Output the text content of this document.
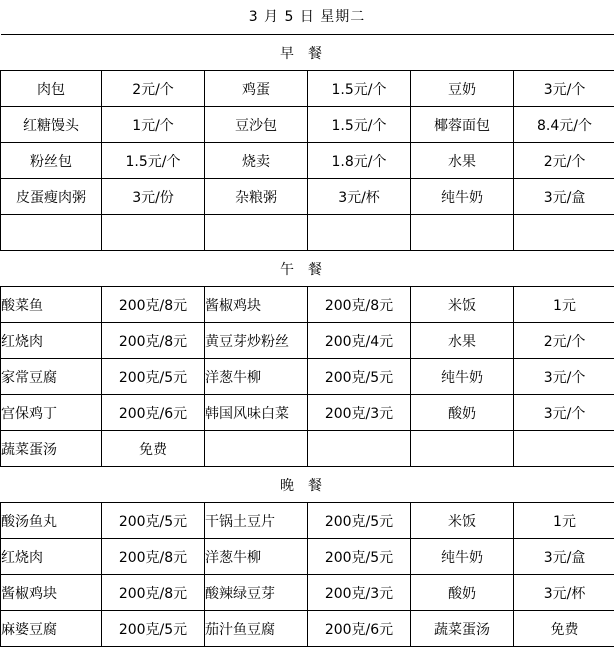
3 月 5 日 星期二
早餐					
肉包	2元/个	鸡蛋	1.5元/个	豆奶	3元/个
红糖馒头	1元/个	豆沙包	1.5元/个	椰蓉面包	8.4元/个
粉丝包	1.5元/个	烧卖	1.8元/个	水果	2元/个
皮蛋瘦肉粥	3元/份	杂粮粥	3元/杯	纯牛奶	3元/盒

午餐					
酸菜鱼	200克/8元	酱椒鸡块	200克/8元	米饭	1元
红烧肉	200克/8元	黄豆芽炒粉丝	200克/4元	水果	2元/个
家常豆腐	200克/5元	洋葱牛柳	200克/5元	纯牛奶	3元/个
宫保鸡丁	200克/6元	韩国风味白菜	200克/3元	酸奶	3元/个
蔬菜蛋汤	免费				
晚餐					
酸汤鱼丸	200克/5元	干锅土豆片	200克/5元	米饭	1元
红烧肉	200克/8元	洋葱牛柳	200克/5元	纯牛奶	3元/盒
酱椒鸡块	200克/8元	酸辣绿豆芽	200克/3元	酸奶	3元/杯
麻婆豆腐	200克/5元	茄汁鱼豆腐	200克/6元	蔬菜蛋汤	免费
